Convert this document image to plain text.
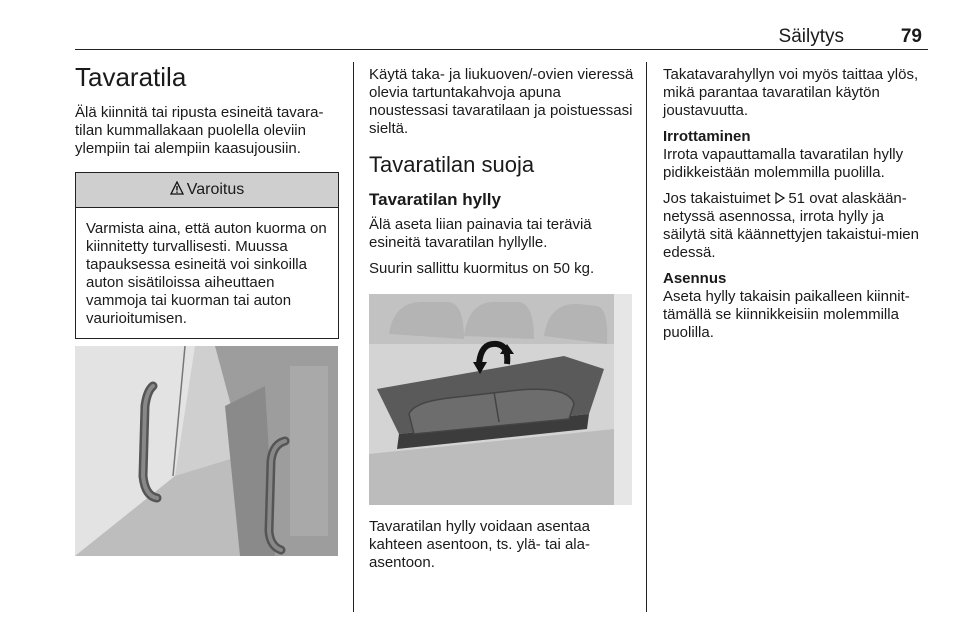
Säilytys	79
Tavaratila

Älä kiinnitä tai ripusta esineitä tavara-tilan kummallakaan puolella oleviin ylempiin tai alempiin kaasujousiin.

Varoitus
Varmista aina, että auton kuorma on kiinnitetty turvallisesti. Muussa tapauksessa esineitä voi sinkoilla auton sisätiloissa aiheuttaen vammoja tai kuorman tai auton vaurioitumisen.

Käytä taka- ja liukuoven/-ovien vieressä olevia tartuntakahvoja apuna noustessasi tavaratilaan ja poistuessasi sieltä.

Tavaratilan suoja
Tavaratilan hylly

Älä aseta liian painavia tai teräviä esineitä tavaratilan hyllylle.

Suurin sallittu kuormitus on 50 kg.

Tavaratilan hylly voidaan asentaa kahteen asentoon, ts. ylä- tai ala-asentoon.

Takatavarahyllyn voi myös taittaa ylös, mikä parantaa tavaratilan käytön joustavuutta.

Irrottaminen
Irrota vapauttamalla tavaratilan hylly pidikkeistään molemmilla puolilla.

Jos takaistuimet 51 ovat alaskään-netyssä asennossa, irrota hylly ja säilytä sitä käännettyjen takaistui-mien edessä.

Asennus
Aseta hylly takaisin paikalleen kiinnit-tämällä se kiinnikkeisiin molemmilla puolilla.
